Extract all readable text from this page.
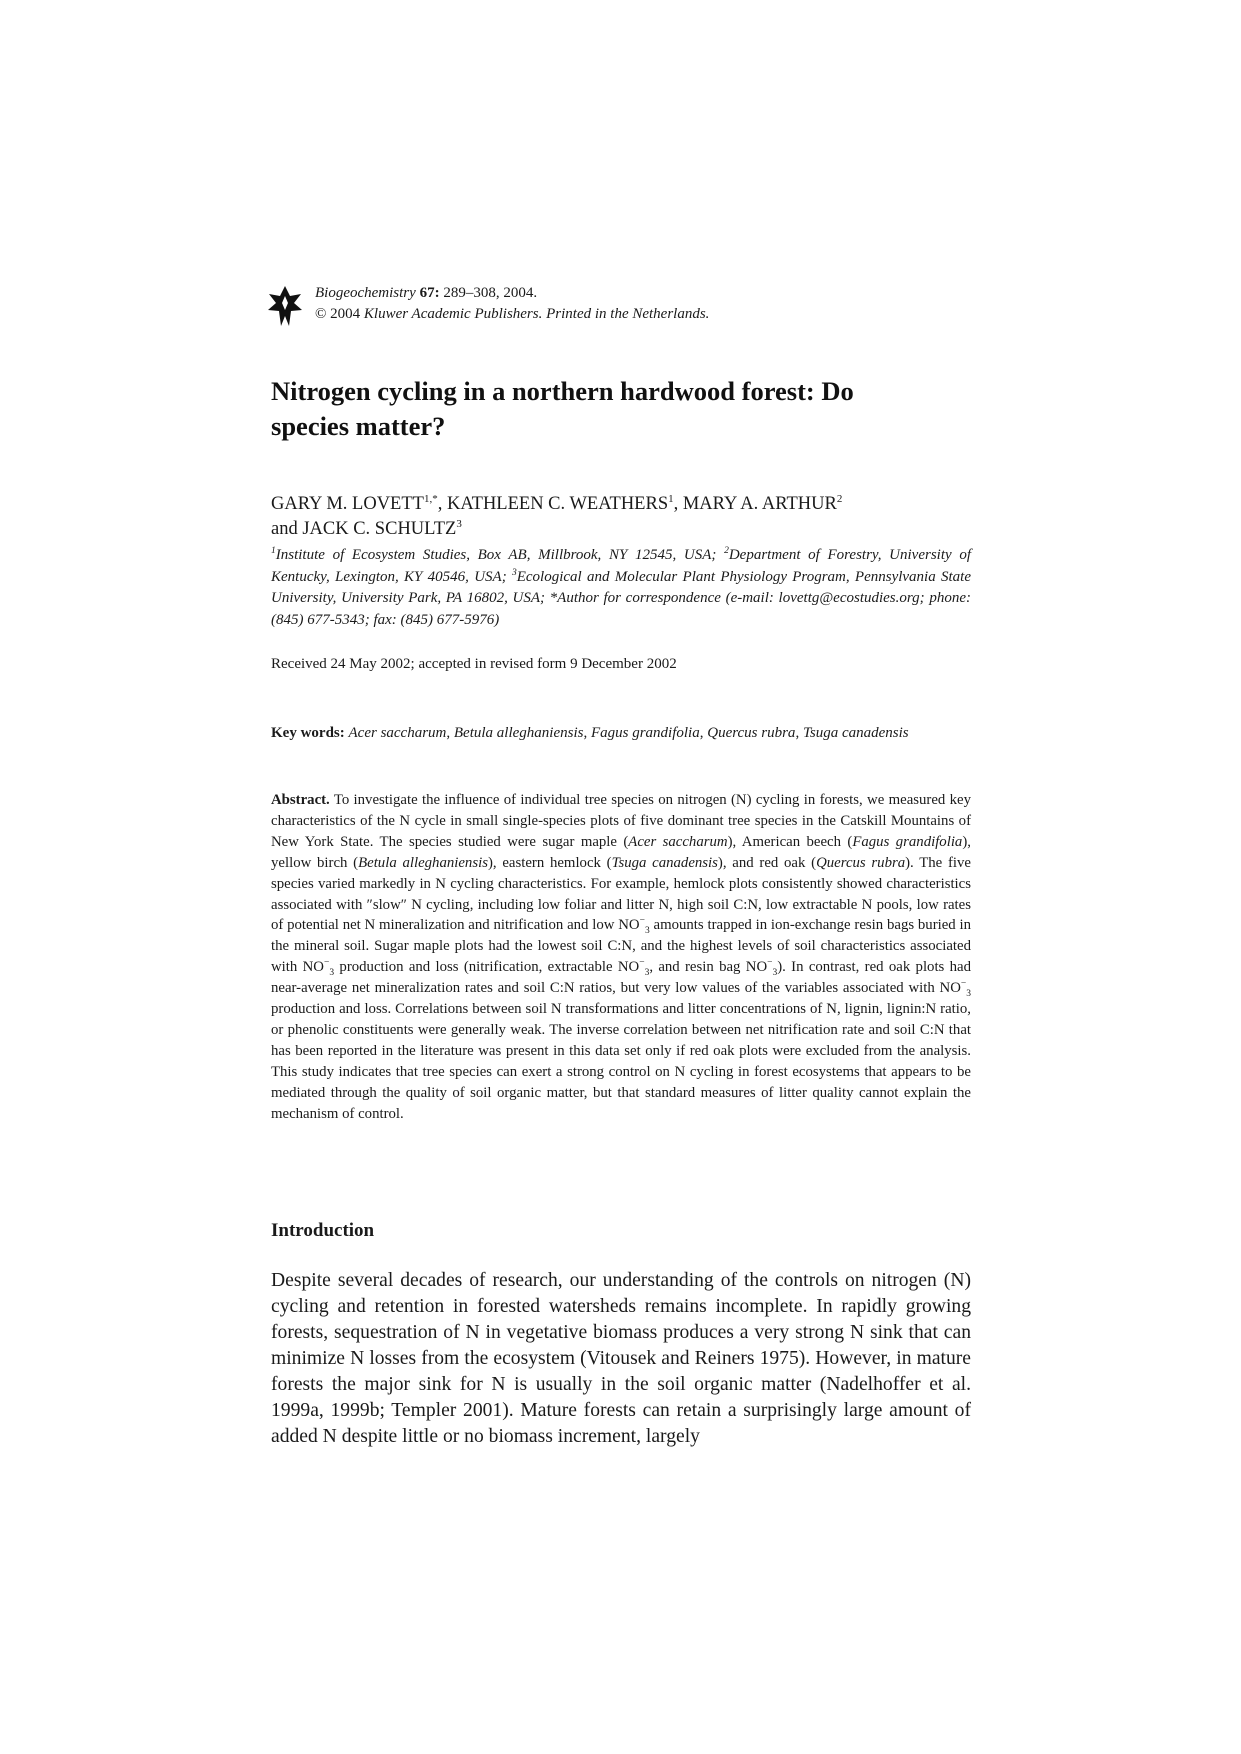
Biogeochemistry 67: 289–308, 2004.
© 2004 Kluwer Academic Publishers. Printed in the Netherlands.
Nitrogen cycling in a northern hardwood forest: Do
species matter?
GARY M. $LOVETT^{1,*}$, KATHLEEN C. WEATHERS$^1$, MARY A. ARTHUR$^2$
and JACK C. SCHULTZ$^3$
$^1$Institute of Ecosystem Studies, Box AB, Millbrook, NY 12545, USA; $^2$Department of Forestry, University of Kentucky, Lexington, KY 40546, USA; $^3$Ecological and Molecular Plant Physiology Program, Pennsylvania State University, University Park, PA 16802, USA; *Author for correspondence (e-mail: lovettg@ecostudies.org; phone: (845) 677-5343; fax: (845) 677-5976)
Received 24 May 2002; accepted in revised form 9 December 2002
Key words: Acer saccharum, Betula alleghaniensis, Fagus grandifolia, Quercus rubra, Tsuga canadensis
Abstract. To investigate the influence of individual tree species on nitrogen (N) cycling in forests, we measured key characteristics of the N cycle in small single-species plots of five dominant tree species in the Catskill Mountains of New York State. The species studied were sugar maple (Acer saccharum), American beech (Fagus grandifolia), yellow birch (Betula alleghaniensis), eastern hemlock (Tsuga canadensis), and red oak (Quercus rubra). The five species varied markedly in N cycling characteristics. For example, hemlock plots consistently showed characteristics associated with ″slow″ N cycling, including low foliar and litter N, high soil C:N, low extractable N pools, low rates of potential net N mineralization and nitrification and low $NO^-_3$ amounts trapped in ion-exchange resin bags buried in the mineral soil. Sugar maple plots had the lowest soil C:N, and the highest levels of soil characteristics associated with $NO^-_3$ production and loss (nitrification, extractable $NO^-_3$, and resin bag $NO^-_3$). In contrast, red oak plots had near-average net mineralization rates and soil C:N ratios, but very low values of the variables associated with $NO^-_3$ production and loss. Correlations between soil N transformations and litter concentrations of N, lignin, lignin:N ratio, or phenolic constituents were generally weak. The inverse correlation between net nitrification rate and soil C:N that has been reported in the literature was present in this data set only if red oak plots were excluded from the analysis. This study indicates that tree species can exert a strong control on N cycling in forest ecosystems that appears to be mediated through the quality of soil organic matter, but that standard measures of litter quality cannot explain the mechanism of control.
Introduction
Despite several decades of research, our understanding of the controls on nitrogen (N) cycling and retention in forested watersheds remains incomplete. In rapidly growing forests, sequestration of N in vegetative biomass produces a very strong N sink that can minimize N losses from the ecosystem (Vitousek and Reiners 1975). However, in mature forests the major sink for N is usually in the soil organic matter (Nadelhoffer et al. 1999a, 1999b; Templer 2001). Mature forests can retain a surprisingly large amount of added N despite little or no biomass increment, largely
